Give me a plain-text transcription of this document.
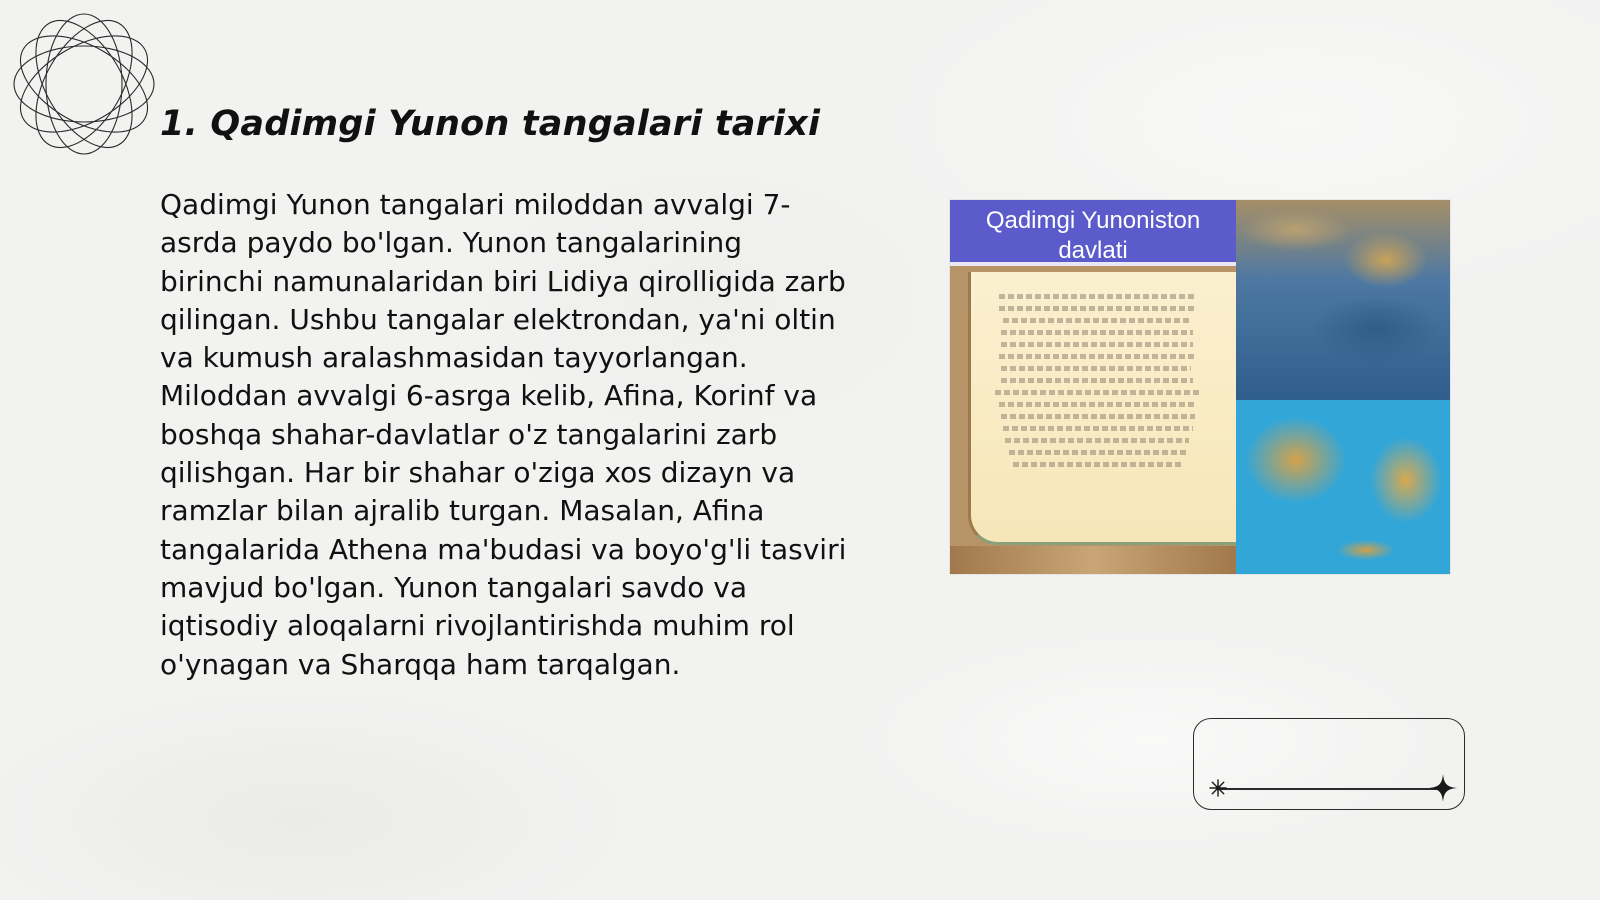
1. Qadimgi Yunon tangalari tarixi

Qadimgi Yunon tangalari miloddan avvalgi 7-asrda paydo bo'lgan. Yunon tangalarining birinchi namunalaridan biri Lidiya qirolligida zarb qilingan. Ushbu tangalar elektrondan, ya'ni oltin va kumush aralashmasidan tayyorlangan. Miloddan avvalgi 6-asrga kelib, Afina, Korinf va boshqa shahar-davlatlar o'z tangalarini zarb qilishgan. Har bir shahar o'ziga xos dizayn va ramzlar bilan ajralib turgan. Masalan, Afina tangalarida Athena ma'budasi va boyo'g'li tasviri mavjud bo'lgan. Yunon tangalari savdo va iqtisodiy aloqalarni rivojlantirishda muhim rol o'ynagan va Sharqqa ham tarqalgan.

Qadimgi Yunoniston
davlati
